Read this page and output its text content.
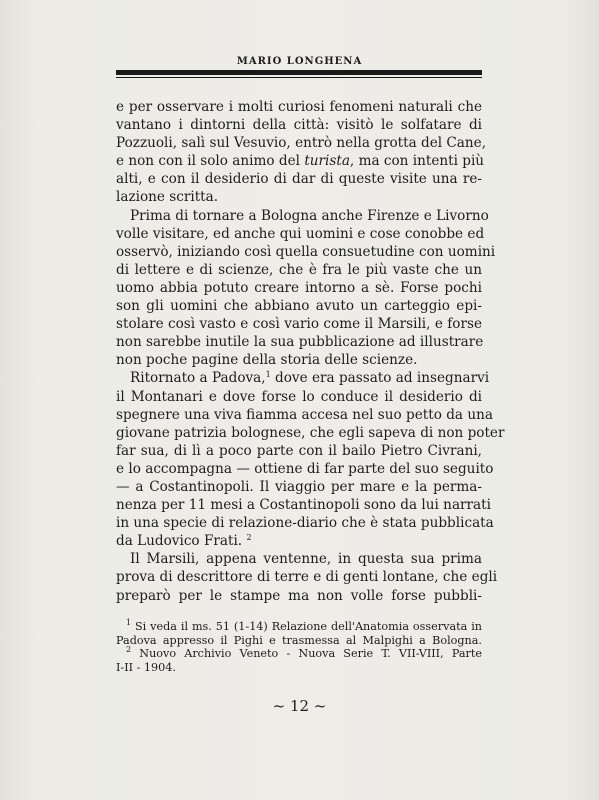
MARIO LONGHENA
e per osservare i molti curiosi fenomeni naturali che
vantano i dintorni della città: visitò le solfatare di
Pozzuoli, salì sul Vesuvio, entrò nella grotta del Cane,
e non con il solo animo del turista, ma con intenti più
alti, e con il desiderio di dar di queste visite una re-
lazione scritta.
Prima di tornare a Bologna anche Firenze e Livorno
volle visitare, ed anche qui uomini e cose conobbe ed
osservò, iniziando così quella consuetudine con uomini
di lettere e di scienze, che è fra le più vaste che un
uomo abbia potuto creare intorno a sè. Forse pochi
son gli uomini che abbiano avuto un carteggio epi-
stolare così vasto e così vario come il Marsili, e forse
non sarebbe inutile la sua pubblicazione ad illustrare
non poche pagine della storia delle scienze.
Ritornato a Padova,$^1$ dove era passato ad insegnarvi
il Montanari e dove forse lo conduce il desiderio di
spegnere una viva fiamma accesa nel suo petto da una
giovane patrizia bolognese, che egli sapeva di non poter
far sua, di lì a poco parte con il bailo Pietro Civrani,
e lo accompagna — ottiene di far parte del suo seguito
— a Costantinopoli. Il viaggio per mare e la perma-
nenza per 11 mesi a Costantinopoli sono da lui narrati
in una specie di relazione-diario che è stata pubblicata
da Ludovico Frati. $^2$
Il Marsili, appena ventenne, in questa sua prima
prova di descrittore di terre e di genti lontane, che egli
preparò per le stampe ma non volle forse pubbli-
$^1$ Si veda il ms. 51 (1-14) Relazione dell'Anatomia osservata in
Padova appresso il Pighi e trasmessa al Malpighi a Bologna.
$^2$ Nuovo Archivio Veneto - Nuova Serie T. VII-VIII, Parte
I-II - 1904.
~ 12 ~
